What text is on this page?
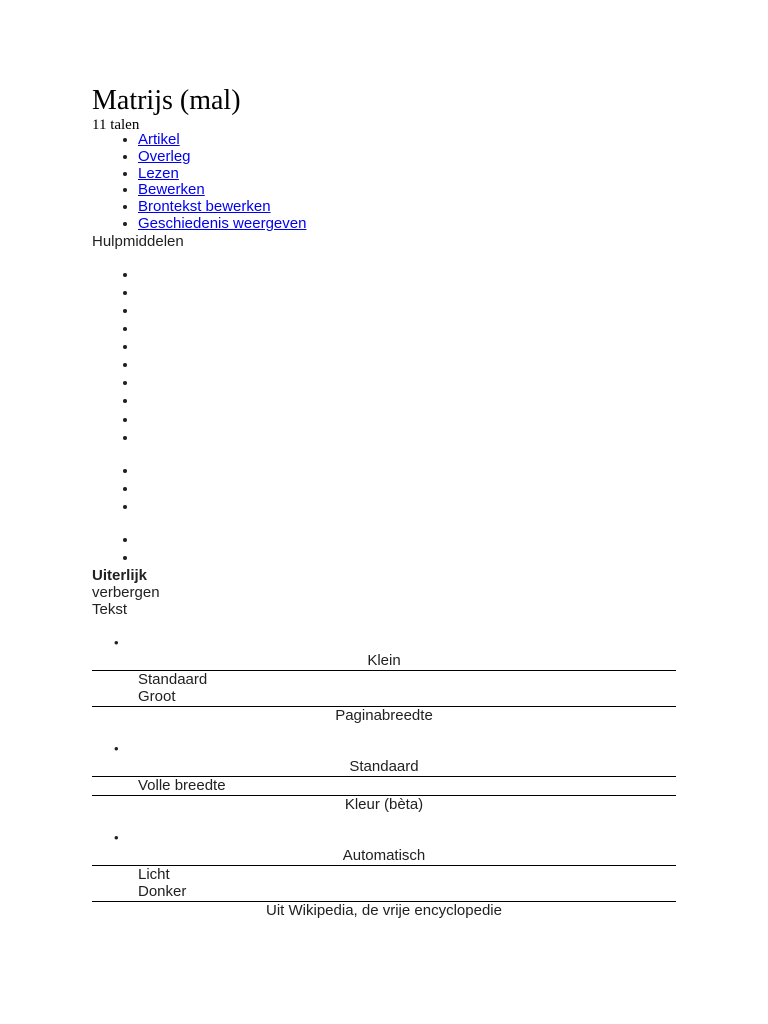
Matrijs (mal)
11 talen
• Artikel
• Overleg
• Lezen
• Bewerken
• Brontekst bewerken
• Geschiedenis weergeven
Hulpmiddelen
•
•
•
•
•
•
•
•
•
•
•
•
•
•
•
Uiterlijk
verbergen
Tekst
•
Klein
Standaard
Groot
Paginabreedte
•
Standaard
Volle breedte
Kleur (bèta)
•
Automatisch
Licht
Donker
Uit Wikipedia, de vrije encyclopedie
